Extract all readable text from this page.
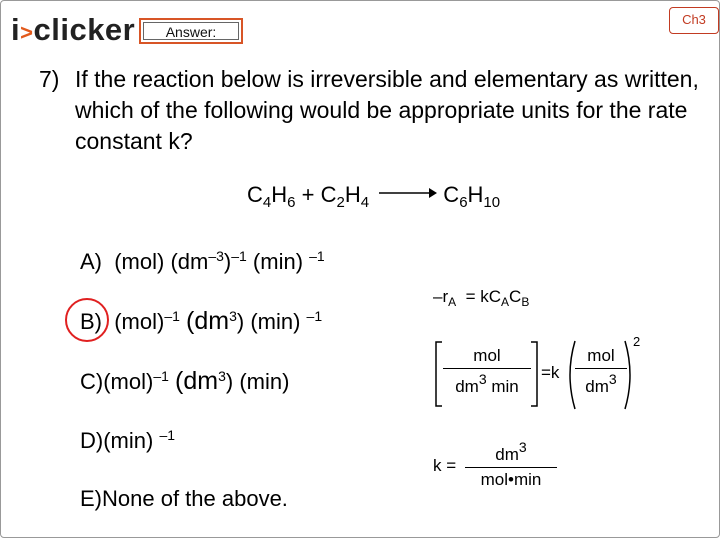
i>clicker	Answer:
Ch3
7) If the reaction below is irreversible and elementary as written, which of the following would be appropriate units for the rate constant k?
$C_4H_6 + C_2H_4 \to C_6H_{10}$
A)  (mol) $(dm^{-3})^{-1}$ (min) $^{-1}$
B)  (mol)$^{-1}$ $(dm^3)$ (min) $^{-1}$
C)(mol)$^{-1}$ $(dm^3)$ (min)
D)(min) $^{-1}$
E)None of the above.
$-r_A = kC_AC_B$
mol
$dm^3$ min
=k
mol
$dm^3$
2
k =
$dm^3$
mol•min
